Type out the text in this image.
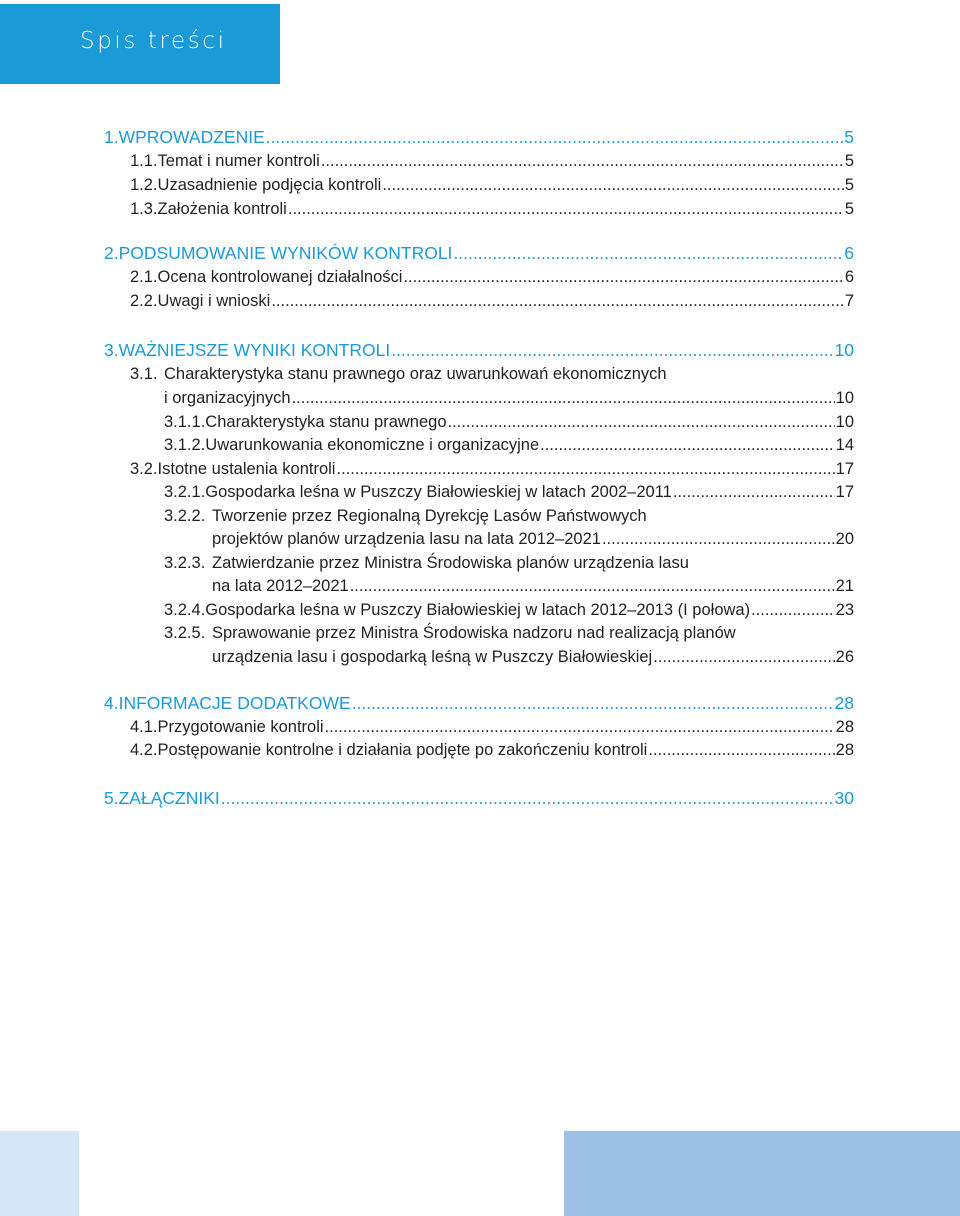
Spis treści
1. WPROWADZENIE .....	5
1.1. Temat i numer kontroli .....	5
1.2. Uzasadnienie podjęcia kontroli .....	5
1.3. Założenia kontroli .....	5
2. PODSUMOWANIE WYNIKÓW KONTROLI .....	6
2.1. Ocena kontrolowanej działalności .....	6
2.2. Uwagi i wnioski .....	7
3. WAŻNIEJSZE WYNIKI KONTROLI .....	10
3.1. Charakterystyka stanu prawnego oraz uwarunkowań ekonomicznych
i organizacyjnych .....	10
3.1.1. Charakterystyka stanu prawnego .....	10
3.1.2. Uwarunkowania ekonomiczne i organizacyjne .....	14
3.2. Istotne ustalenia kontroli .....	17
3.2.1. Gospodarka leśna w Puszczy Białowieskiej w latach 2002–2011 .....	17
3.2.2. Tworzenie przez Regionalną Dyrekcję Lasów Państwowych
projektów planów urządzenia lasu na lata 2012–2021 .....	20
3.2.3. Zatwierdzanie przez Ministra Środowiska planów urządzenia lasu
na lata 2012–2021 .....	21
3.2.4. Gospodarka leśna w Puszczy Białowieskiej w latach 2012–2013 (I połowa) .....	23
3.2.5. Sprawowanie przez Ministra Środowiska nadzoru nad realizacją planów
urządzenia lasu i gospodarką leśną w Puszczy Białowieskiej .....	26
4. INFORMACJE DODATKOWE .....	28
4.1. Przygotowanie kontroli .....	28
4.2. Postępowanie kontrolne i działania podjęte po zakończeniu kontroli .....	28
5. ZAŁĄCZNIKI .....	30
